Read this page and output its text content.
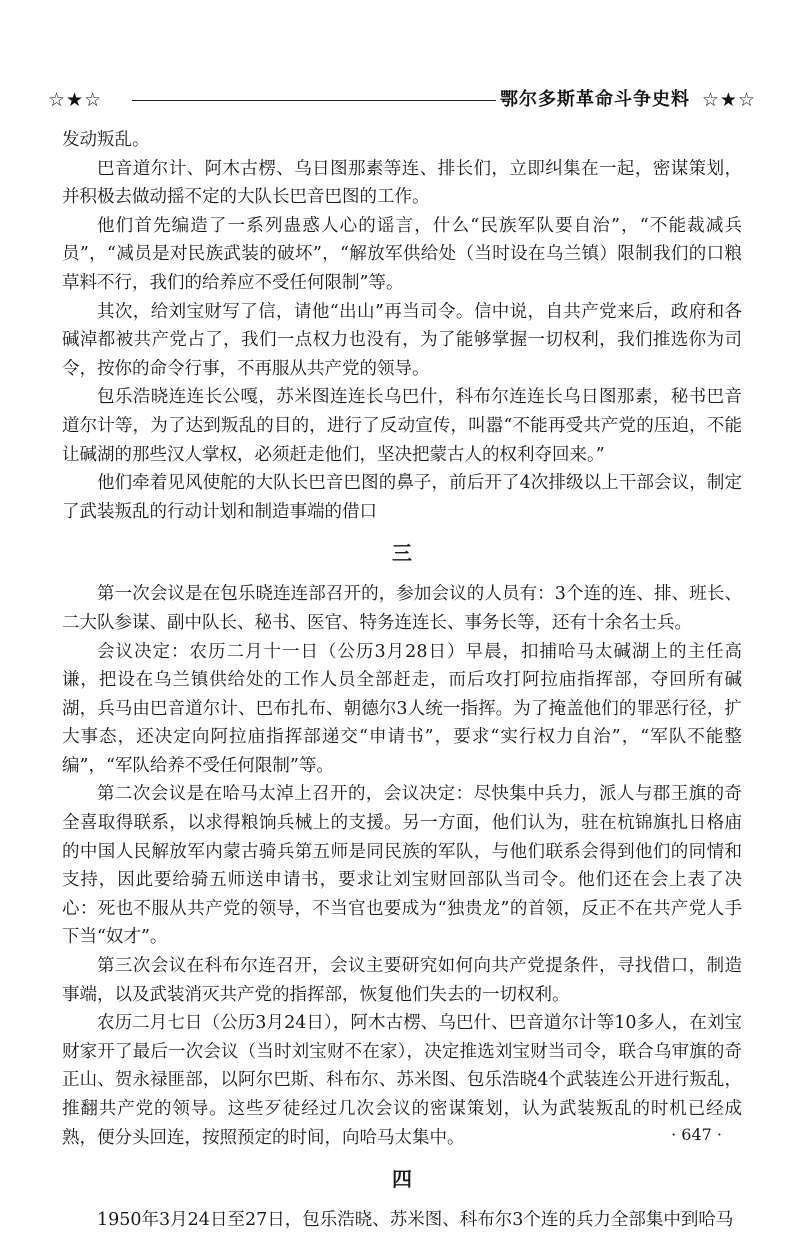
☆★☆	鄂尔多斯革命斗争史料 ☆★☆

发动叛乱。

巴音道尔计、阿木古楞、乌日图那素等连、排长们，立即纠集在一起，密谋策划，并积极去做动摇不定的大队长巴音巴图的工作。

他们首先编造了一系列蛊惑人心的谣言，什么“民族军队要自治”，“不能裁减兵员”，“减员是对民族武装的破坏”，“解放军供给处（当时设在乌兰镇）限制我们的口粮草料不行，我们的给养应不受任何限制”等。

其次，给刘宝财写了信，请他“出山”再当司令。信中说，自共产党来后，政府和各碱淖都被共产党占了，我们一点权力也没有，为了能够掌握一切权利，我们推选你为司令，按你的命令行事，不再服从共产党的领导。

包乐浩晓连连长公嘎，苏米图连连长乌巴什，科布尔连连长乌日图那素，秘书巴音道尔计等，为了达到叛乱的目的，进行了反动宣传，叫嚣“不能再受共产党的压迫，不能让碱湖的那些汉人掌权，必须赶走他们，坚决把蒙古人的权利夺回来。”

他们牵着见风使舵的大队长巴音巴图的鼻子，前后开了4次排级以上干部会议，制定了武装叛乱的行动计划和制造事端的借口

三

第一次会议是在包乐晓连连部召开的，参加会议的人员有：3个连的连、排、班长、二大队参谋、副中队长、秘书、医官、特务连连长、事务长等，还有十余名士兵。

会议决定：农历二月十一日（公历3月28日）早晨，扣捕哈马太碱湖上的主任高谦，把设在乌兰镇供给处的工作人员全部赶走，而后攻打阿拉庙指挥部，夺回所有碱湖，兵马由巴音道尔计、巴布扎布、朝德尔3人统一指挥。为了掩盖他们的罪恶行径，扩大事态，还决定向阿拉庙指挥部递交“申请书”，要求“实行权力自治”，“军队不能整编”，“军队给养不受任何限制”等。

第二次会议是在哈马太淖上召开的，会议决定：尽快集中兵力，派人与郡王旗的奇全喜取得联系，以求得粮饷兵械上的支援。另一方面，他们认为，驻在杭锦旗扎日格庙的中国人民解放军内蒙古骑兵第五师是同民族的军队，与他们联系会得到他们的同情和支持，因此要给骑五师送申请书，要求让刘宝财回部队当司令。他们还在会上表了决心：死也不服从共产党的领导，不当官也要成为“独贵龙”的首领，反正不在共产党人手下当“奴才”。

第三次会议在科布尔连召开，会议主要研究如何向共产党提条件，寻找借口，制造事端，以及武装消灭共产党的指挥部，恢复他们失去的一切权利。

农历二月七日（公历3月24日），阿木古楞、乌巴什、巴音道尔计等10多人，在刘宝财家开了最后一次会议（当时刘宝财不在家），决定推选刘宝财当司令，联合乌审旗的奇正山、贺永禄匪部，以阿尔巴斯、科布尔、苏米图、包乐浩晓4个武装连公开进行叛乱，推翻共产党的领导。这些歹徒经过几次会议的密谋策划，认为武装叛乱的时机已经成熟，便分头回连，按照预定的时间，向哈马太集中。

四

1950年3月24日至27日，包乐浩晓、苏米图、科布尔3个连的兵力全部集中到哈马

· 647 ·
